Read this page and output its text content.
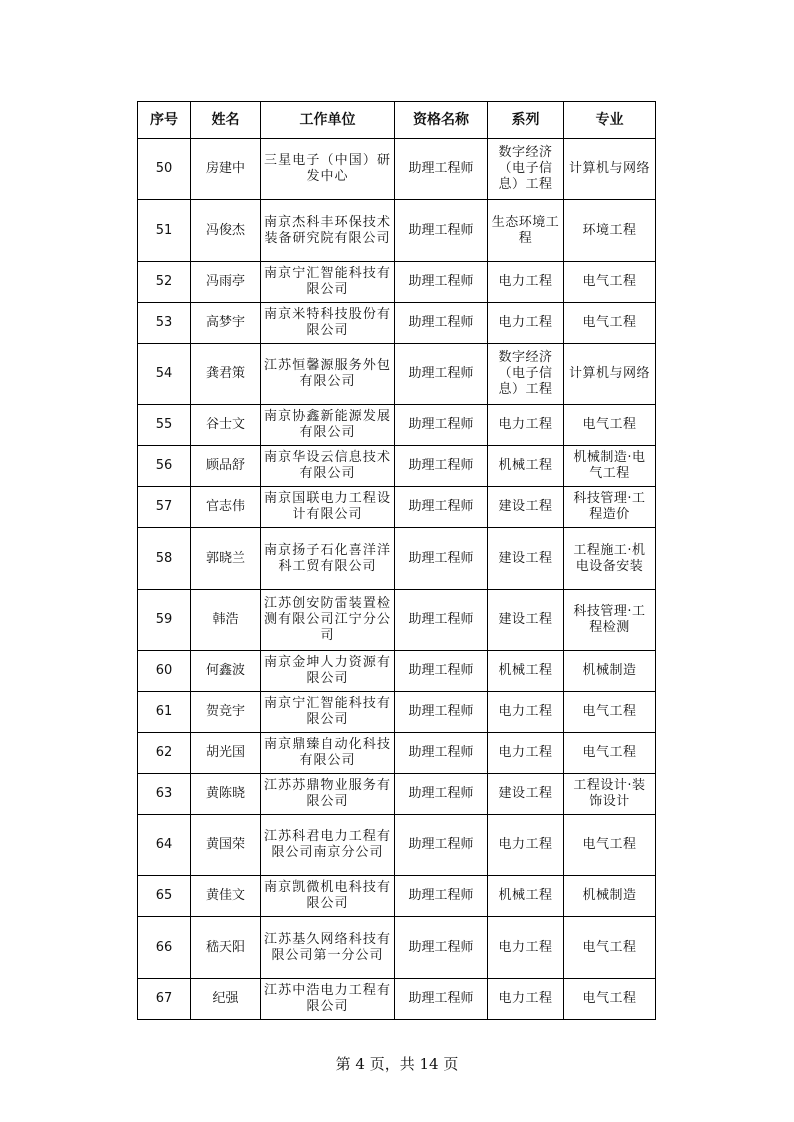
序号	姓名	工作单位	资格名称	系列	专业
50	房建中	三星电子（中国）研发中心	助理工程师	数字经济（电子信息）工程	计算机与网络
51	冯俊杰	南京杰科丰环保技术装备研究院有限公司	助理工程师	生态环境工程	环境工程
52	冯雨亭	南京宁汇智能科技有限公司	助理工程师	电力工程	电气工程
53	高梦宇	南京米特科技股份有限公司	助理工程师	电力工程	电气工程
54	龚君策	江苏恒馨源服务外包有限公司	助理工程师	数字经济（电子信息）工程	计算机与网络
55	谷士文	南京协鑫新能源发展有限公司	助理工程师	电力工程	电气工程
56	顾品舒	南京华设云信息技术有限公司	助理工程师	机械工程	机械制造·电气工程
57	官志伟	南京国联电力工程设计有限公司	助理工程师	建设工程	科技管理·工程造价
58	郭晓兰	南京扬子石化喜洋洋科工贸有限公司	助理工程师	建设工程	工程施工·机电设备安装
59	韩浩	江苏创安防雷装置检测有限公司江宁分公司	助理工程师	建设工程	科技管理·工程检测
60	何鑫波	南京金坤人力资源有限公司	助理工程师	机械工程	机械制造
61	贺竞宇	南京宁汇智能科技有限公司	助理工程师	电力工程	电气工程
62	胡光国	南京鼎臻自动化科技有限公司	助理工程师	电力工程	电气工程
63	黄陈晓	江苏苏鼎物业服务有限公司	助理工程师	建设工程	工程设计·装饰设计
64	黄国荣	江苏科君电力工程有限公司南京分公司	助理工程师	电力工程	电气工程
65	黄佳文	南京凯微机电科技有限公司	助理工程师	机械工程	机械制造
66	嵇天阳	江苏基久网络科技有限公司第一分公司	助理工程师	电力工程	电气工程
67	纪强	江苏中浩电力工程有限公司	助理工程师	电力工程	电气工程
第 4 页，共 14 页
